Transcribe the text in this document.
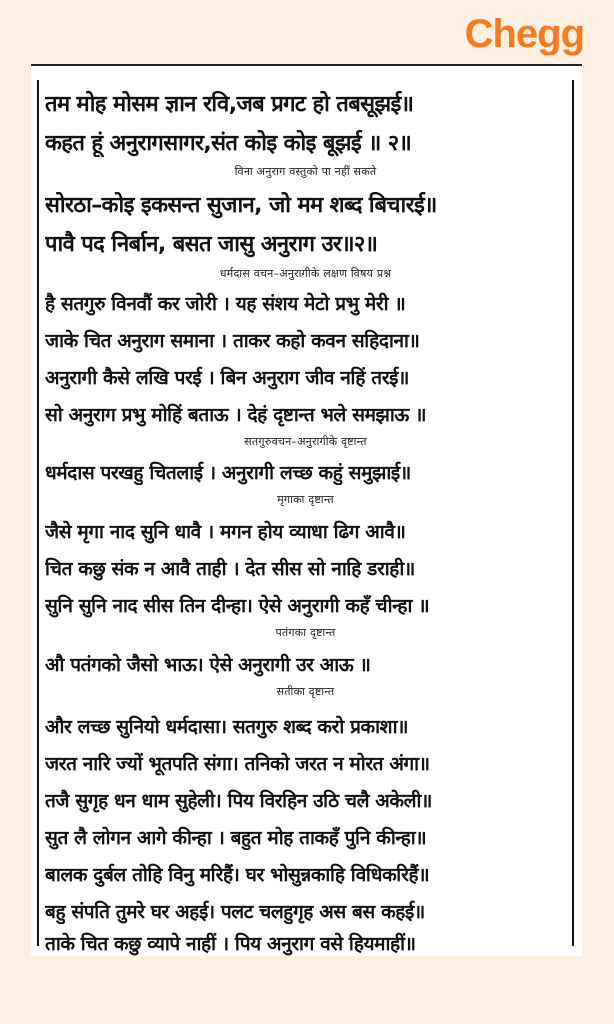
Chegg
तम मोह मोसम ज्ञान रवि,जब प्रगट हो तबसूझई॥
कहत हूं अनुरागसागर,संत कोइ कोइ बूझई ॥ २॥
विना अनुराग वस्तुको पा नहीं सकते
सोरठा–कोइ इकसन्त सुजान, जो मम शब्द बिचारई॥
पावै पद निर्बान, बसत जासु अनुराग उर॥२॥
धर्मदास वचन–अनुरागीके लक्षण विषय प्रश्न
है सतगुरु विनवौं कर जोरी । यह संशय मेटो प्रभु मेरी ॥
जाके चित अनुराग समाना । ताकर कहो कवन सहिदाना॥
अनुरागी कैसे लखि परई । बिन अनुराग जीव नहिं तरई॥
सो अनुराग प्रभु मोहिं बताऊ । देहं दृष्टान्त भले समझाऊ ॥
सतगुरुवचन–अनुरागीके दृष्टान्त
धर्मदास परखहु चितलाई । अनुरागी लच्छ कहुं समुझाई॥
मृगाका दृष्टान्त
जैसे मृगा नाद सुनि धावै । मगन होय व्याधा ढिग आवै॥
चित कछु संक न आवै ताही । देत सीस सो नाहि डराही॥
सुनि सुनि नाद सीस तिन दीन्हा। ऐसे अनुरागी कहँ चीन्हा ॥
पतंगका दृष्टान्त
औ पतंगको जैसो भाऊ। ऐसे अनुरागी उर आऊ ॥
सतीका दृष्टान्त
और लच्छ सुनियो धर्मदासा। सतगुरु शब्द करो प्रकाशा॥
जरत नारि ज्यों भूतपति संगा। तनिको जरत न मोरत अंगा॥
तजै सुगृह धन धाम सुहेली। पिय विरहिन उठि चलै अकेली॥
सुत लै लोगन आगे कीन्हा । बहुत मोह ताकहँ पुनि कीन्हा॥
बालक दुर्बल तोहि विनु मरिहैं। घर भोसुन्नकाहि विधिकरिहैं॥
बहु संपति तुमरे घर अहई। पलट चलहुगृह अस बस कहई॥
ताके चित कछु व्यापे नाहीं । पिय अनुराग वसे हियमाहीं॥
